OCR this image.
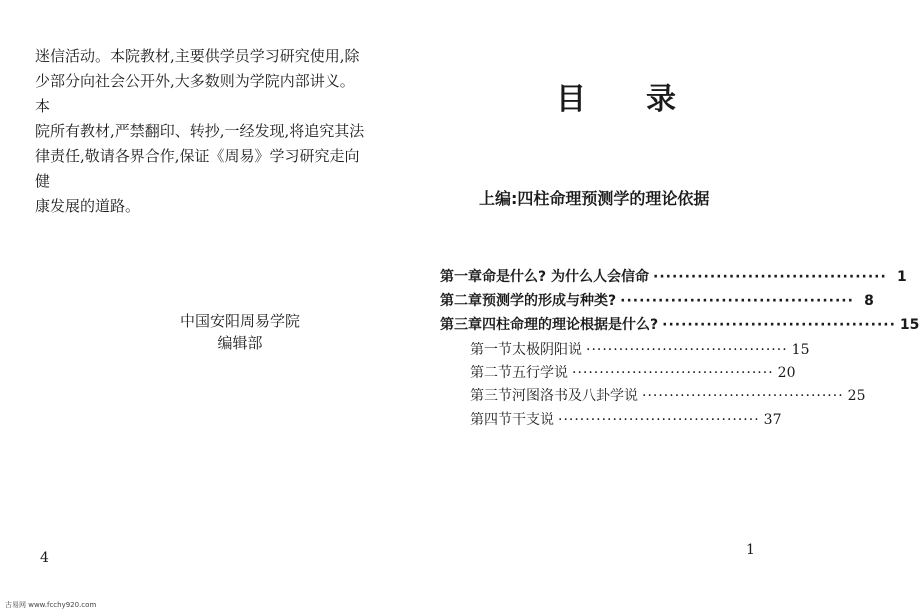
迷信活动。本院教材,主要供学员学习研究使用,除
少部分向社会公开外,大多数则为学院内部讲义。本
院所有教材,严禁翻印、转抄,一经发现,将追究其法
律责任,敬请各界合作,保证《周易》学习研究走向健
康发展的道路。

中国安阳周易学院
编辑部
4
古易网 www.fcchy920.com
目 录
上编:四柱命理预测学的理论依据
第一章 命是什么? 为什么人会信命 ····································· 1
第二章 预测学的形成与种类? ····································· 8
第三章 四柱命理的理论根据是什么? ····································· 15
第一节 太极阴阳说 ····································· 15
第二节 五行学说 ····································· 20
第三节 河图洛书及八卦学说 ····································· 25
第四节 干支说 ····································· 37
1
